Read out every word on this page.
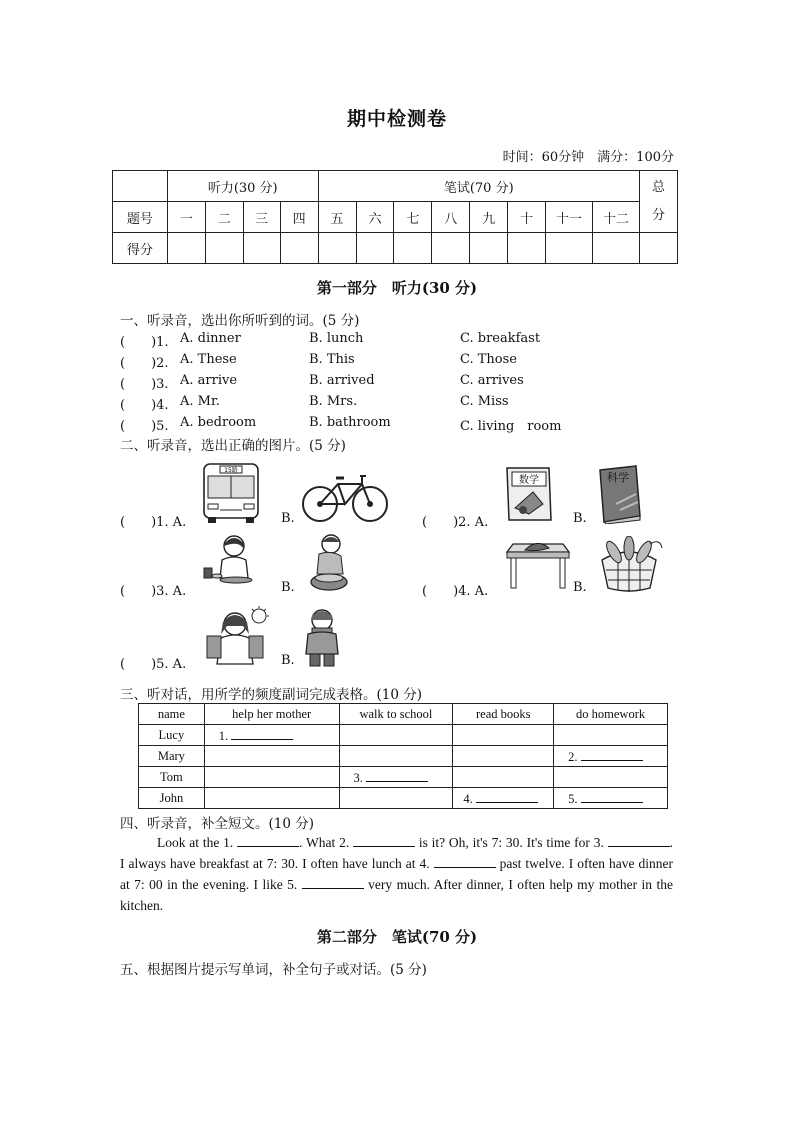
期中检测卷
时间：60分钟　满分：100分
	听力(30 分)				笔试(70 分)								总分
题号	一	二	三	四	五	六	七	八	九	十	十一	十二	
得分													
第一部分　听力(30 分)
一、听录音，选出你所听到的词。(5 分)
(　　)1. A. dinner	B. lunch	C. breakfast
(　　)2. A. These	B. This	C. Those
(　　)3. A. arrive	B. arrived	C. arrives
(　　)4. A. Mr.	B. Mrs.	C. Miss
(　　)5. A. bedroom	B. bathroom	C. living　room
二、听录音，选出正确的图片。(5 分)
(　　)1. A.
15路
B.	(　　)2. A.
数学
B.
科学
(　　)3. A.	B.	(　　)4. A.	B.
(　　)5. A.	B.
三、听对话，用所学的频度副词完成表格。(10 分)
name	help her mother	walk to school	read books	do homework
Lucy	1.			
Mary				2.
Tom		3.		
John			4.	5.
四、听录音，补全短文。(10 分)
Look at the 1.	. What 2.	is it? Oh, it's 7: 30. It's time for 3.	. I always have breakfast at 7: 30. I often have lunch at 4.	past twelve. I often have dinner at 7: 00 in the evening. I like 5.	very much. After dinner, I often help my mother in the kitchen.
第二部分　笔试(70 分)
五、根据图片提示写单词，补全句子或对话。(5 分)
